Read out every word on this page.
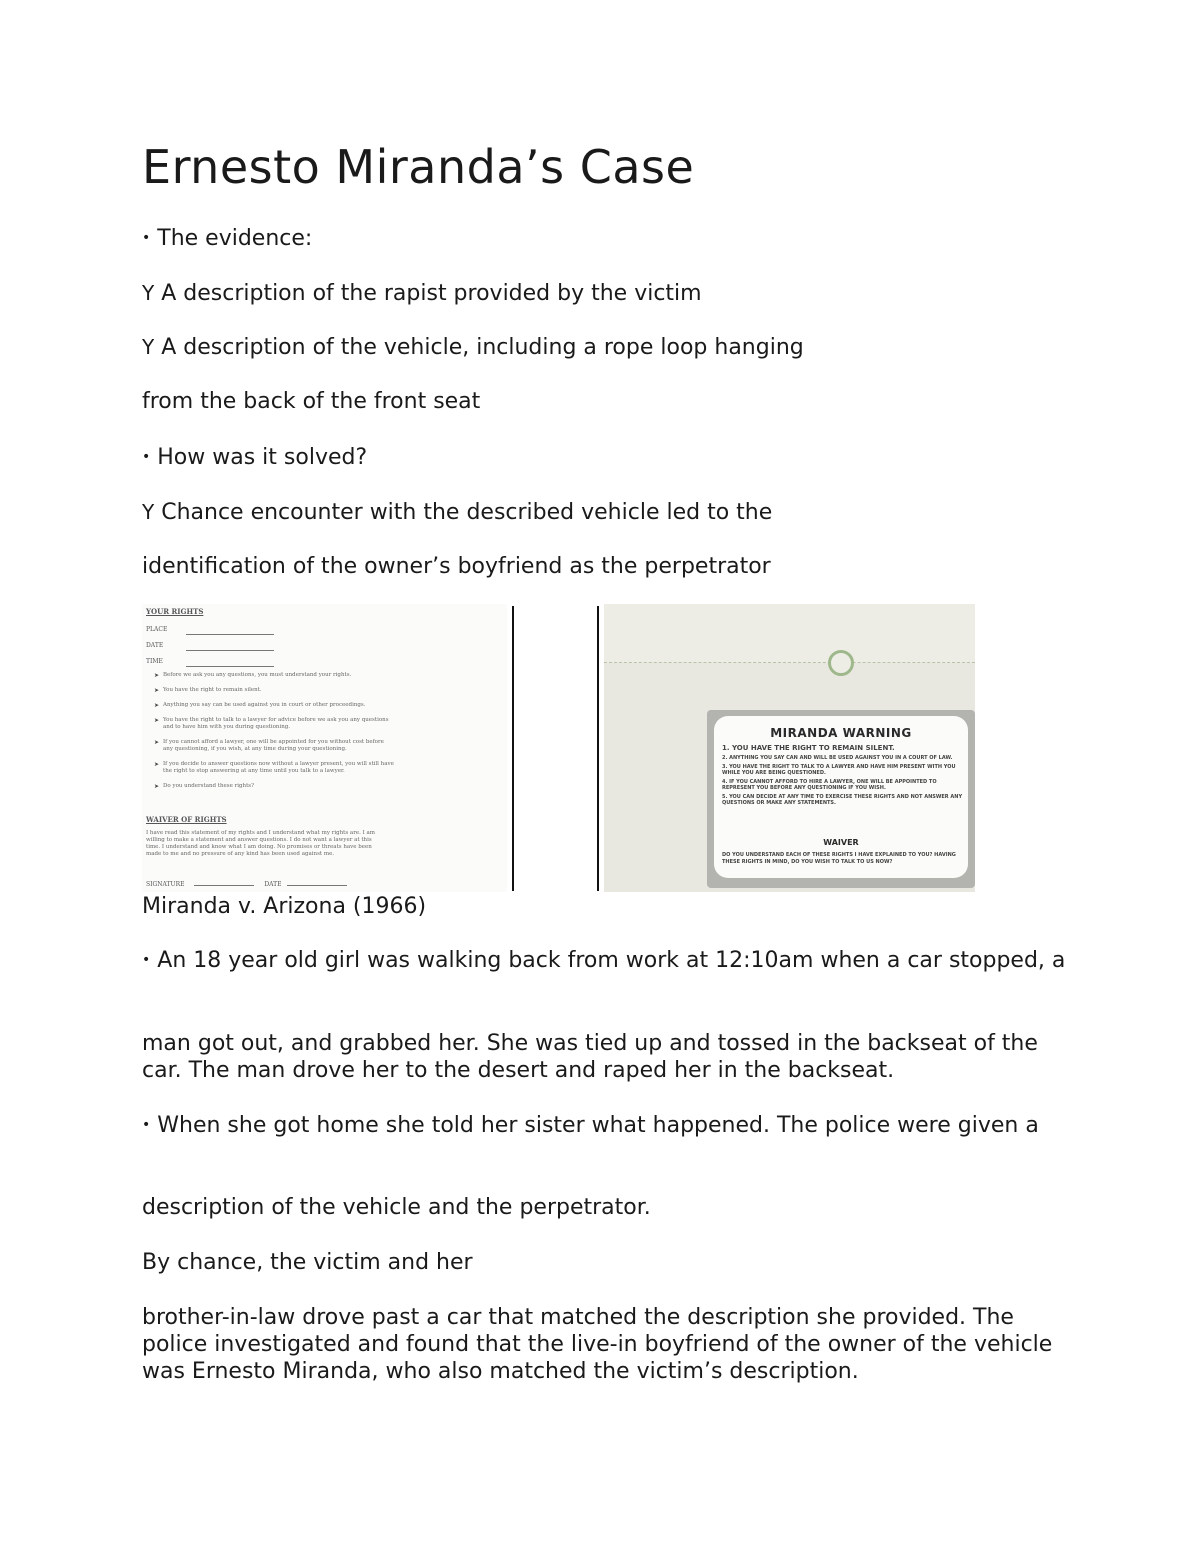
Ernesto Miranda’s Case

• The evidence:

Υ A description of the rapist provided by the victim

Υ A description of the vehicle, including a rope loop hanging

from the back of the front seat

• How was it solved?

Υ Chance encounter with the described vehicle led to the

identification of the owner’s boyfriend as the perpetrator

YOUR RIGHTS
PLACE
DATE
TIME
➤ Before we ask you any questions, you must understand your rights.
➤ You have the right to remain silent.
➤ Anything you say can be used against you in court or other proceedings.
➤ You have the right to talk to a lawyer for advice before we ask you any questions and to have him with you during questioning.
➤ If you cannot afford a lawyer, one will be appointed for you without cost before any questioning, if you wish, at any time during your questioning.
➤ If you decide to answer questions now without a lawyer present, you will still have the right to stop answering at any time until you talk to a lawyer.
➤ Do you understand these rights?
WAIVER OF RIGHTS
I have read this statement of my rights and I understand what my rights are. I am willing to make a statement and answer questions. I do not want a lawyer at this time. I understand and know what I am doing. No promises or threats have been made to me and no pressure of any kind has been used against me.
SIGNATURE	DATE
MIRANDA WARNING
1. YOU HAVE THE RIGHT TO REMAIN SILENT.
2. ANYTHING YOU SAY CAN AND WILL BE USED AGAINST YOU IN A COURT OF LAW.
3. YOU HAVE THE RIGHT TO TALK TO A LAWYER AND HAVE HIM PRESENT WITH YOU WHILE YOU ARE BEING QUESTIONED.
4. IF YOU CANNOT AFFORD TO HIRE A LAWYER, ONE WILL BE APPOINTED TO REPRESENT YOU BEFORE ANY QUESTIONING IF YOU WISH.
5. YOU CAN DECIDE AT ANY TIME TO EXERCISE THESE RIGHTS AND NOT ANSWER ANY QUESTIONS OR MAKE ANY STATEMENTS.
WAIVER
DO YOU UNDERSTAND EACH OF THESE RIGHTS I HAVE EXPLAINED TO YOU? HAVING THESE RIGHTS IN MIND, DO YOU WISH TO TALK TO US NOW?

Miranda v. Arizona (1966)

• An 18 year old girl was walking back from work at 12:10am when a car stopped, a

man got out, and grabbed her. She was tied up and tossed in the backseat of the car. The man drove her to the desert and raped her in the backseat.

• When she got home she told her sister what happened. The police were given a

description of the vehicle and the perpetrator.

By chance, the victim and her

brother-in-law drove past a car that matched the description she provided. The police investigated and found that the live-in boyfriend of the owner of the vehicle was Ernesto Miranda, who also matched the victim’s description.
